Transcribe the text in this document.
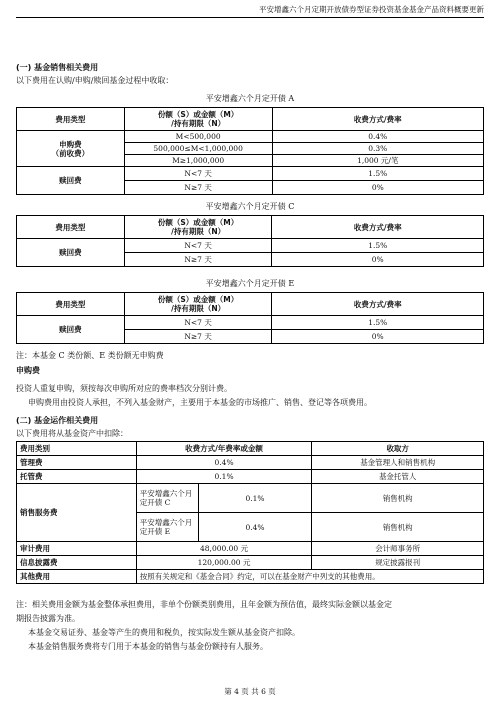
平安增鑫六个月定期开放债券型证券投资基金基金产品资料概要更新
(一) 基金销售相关费用
以下费用在认购/申购/赎回基金过程中收取：
平安增鑫六个月定开债 A
费用类型	份额（S）或金额（M）
/持有期限（N）	收费方式/费率

申购费
（前收费）	M<500,000	0.4%
	500,000≤M<1,000,000	0.3%
	M≥1,000,000	1,000 元/笔
赎回费	N<7 天	1.5%
	N≥7 天	0%
平安增鑫六个月定开债 C
费用类型	份额（S）或金额（M）
/持有期限（N）	收费方式/费率
赎回费	N<7 天	1.5%
	N≥7 天	0%
平安增鑫六个月定开债 E
费用类型	份额（S）或金额（M）
/持有期限（N）	收费方式/费率
赎回费	N<7 天	1.5%
	N≥7 天	0%
注：本基金 C 类份额、E 类份额无申购费
申购费
投资人重复申购，须按每次申购所对应的费率档次分别计费。
申购费用由投资人承担，不列入基金财产，主要用于本基金的市场推广、销售、登记等各项费用。
(二) 基金运作相关费用
以下费用将从基金资产中扣除：
费用类别	收费方式/年费率或金额		收取方
管理费	0.4%		基金管理人和销售机构
托管费	0.1%		基金托管人
销售服务费	平安增鑫六个月
定开债 C	0.1%	销售机构

	平安增鑫六个月
定开债 E	0.4%	销售机构
审计费用	48,000.00 元		会计师事务所
信息披露费	120,000.00 元		规定披露报刊
其他费用	按照有关规定和《基金合同》约定，可以在基金财产中列支的其他费用。		
注：相关费用金额为基金整体承担费用，非单个份额类别费用，且年金额为预估值，最终实际金额以基金定
期报告披露为准。
本基金交易证券、基金等产生的费用和税负，按实际发生额从基金资产扣除。
本基金销售服务费将专门用于本基金的销售与基金份额持有人服务。
第 4 页 共 6 页
